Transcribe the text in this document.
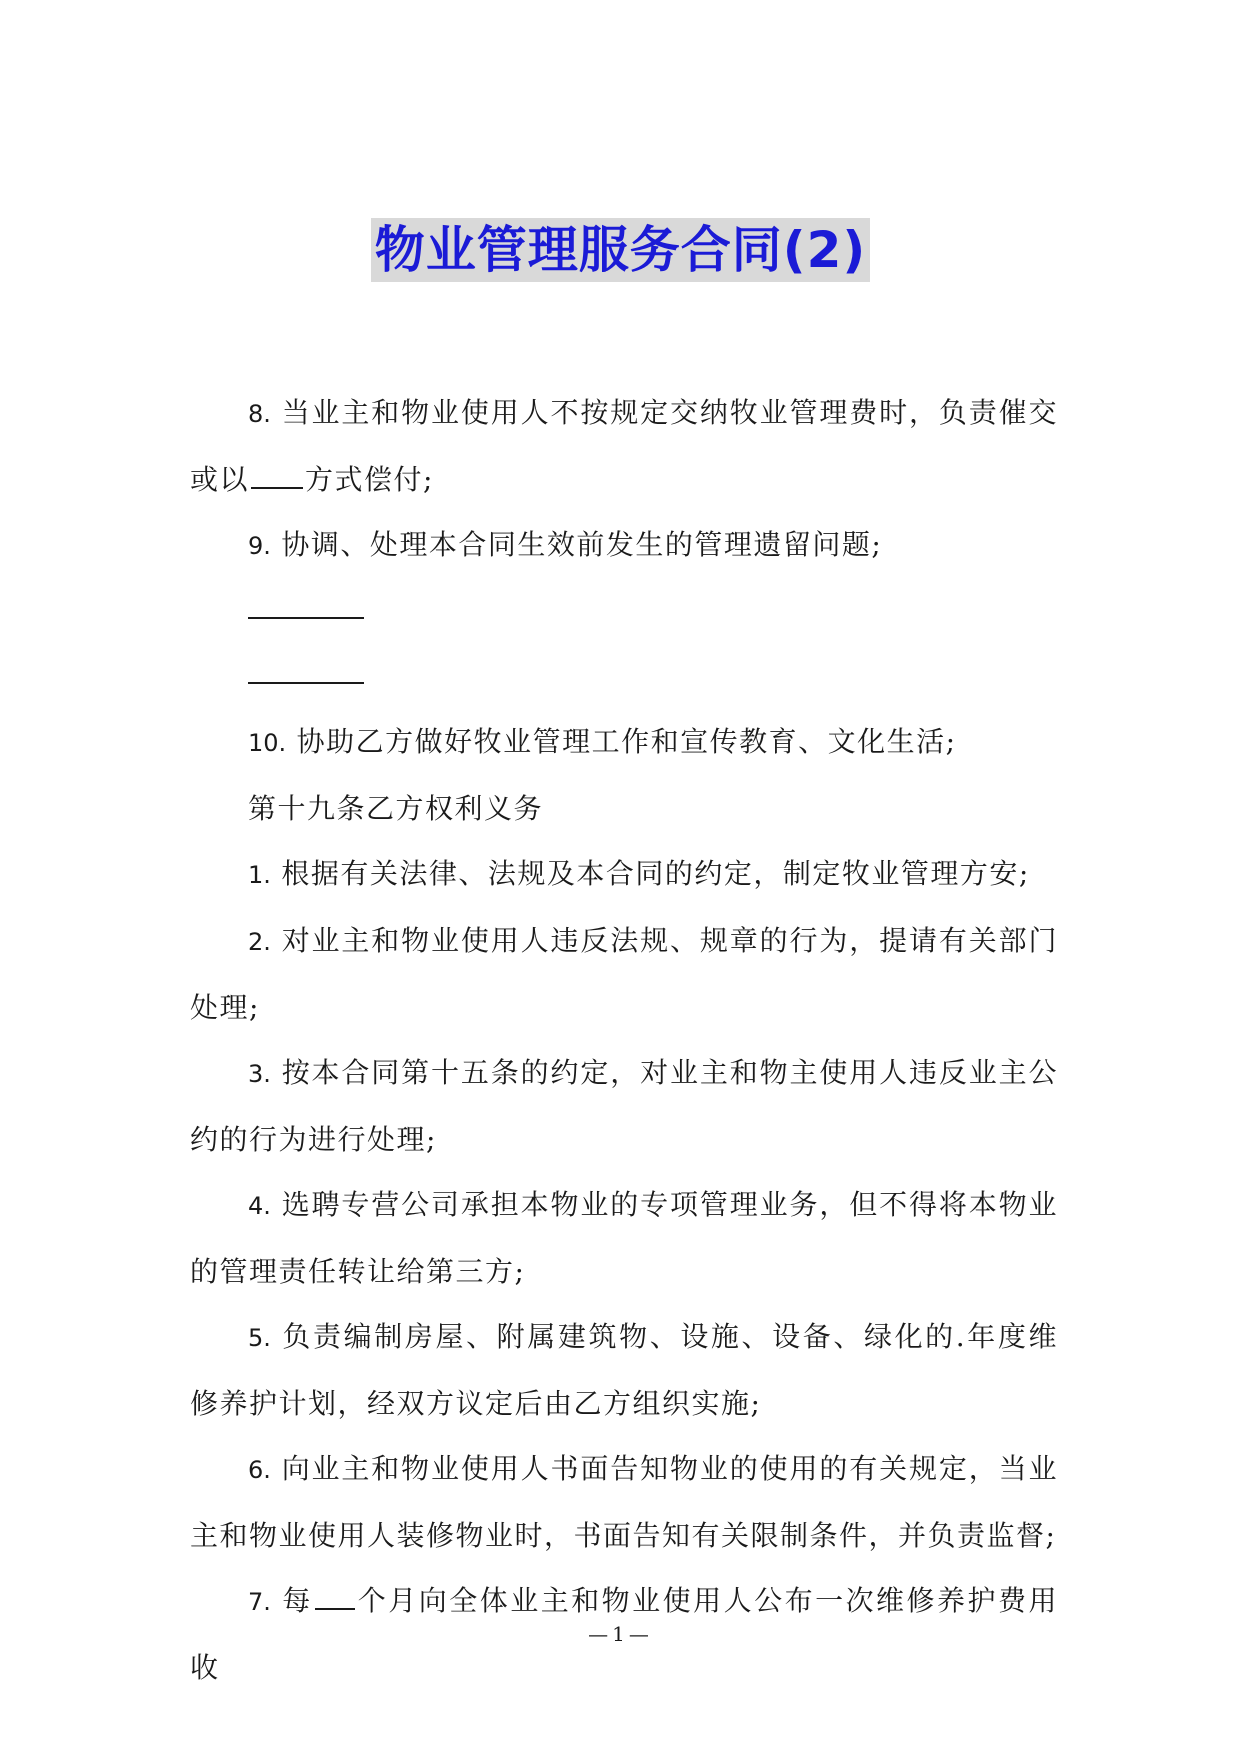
物业管理服务合同(2)

8. 当业主和物业使用人不按规定交纳牧业管理费时，负责催交或以 方式偿付;

9. 协调、处理本合同生效前发生的管理遗留问题;

10. 协助乙方做好牧业管理工作和宣传教育、文化生活;

第十九条乙方权利义务

1. 根据有关法律、法规及本合同的约定，制定牧业管理方安;

2. 对业主和物业使用人违反法规、规章的行为，提请有关部门处理;

3. 按本合同第十五条的约定，对业主和物主使用人违反业主公约的行为进行处理;

4. 选聘专营公司承担本物业的专项管理业务，但不得将本物业的管理责任转让给第三方;

5. 负责编制房屋、附属建筑物、设施、设备、绿化的.年度维修养护计划，经双方议定后由乙方组织实施;

6. 向业主和物业使用人书面告知物业的使用的有关规定，当业主和物业使用人装修物业时，书面告知有关限制条件，并负责监督;

7. 每 个月向全体业主和物业使用人公布一次维修养护费用收

—1—
